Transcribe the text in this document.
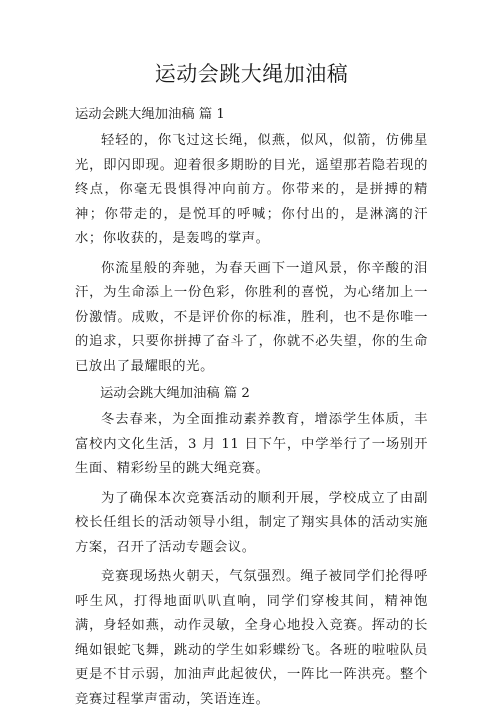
运动会跳大绳加油稿
运动会跳大绳加油稿 篇 1

轻轻的，你飞过这长绳，似燕，似风，似箭，仿佛星光，即闪即现。迎着很多期盼的目光，遥望那若隐若现的终点，你毫无畏惧得冲向前方。你带来的，是拼搏的精神；你带走的，是悦耳的呼喊；你付出的，是淋漓的汗水；你收获的，是轰鸣的掌声。

你流星般的奔驰，为春天画下一道风景，你辛酸的泪汗，为生命添上一份色彩，你胜利的喜悦，为心绪加上一份激情。成败，不是评价你的标准，胜利，也不是你唯一的追求，只要你拼搏了奋斗了，你就不必失望，你的生命已放出了最耀眼的光。

运动会跳大绳加油稿 篇 2

冬去春来，为全面推动素养教育，增添学生体质，丰富校内文化生活，3 月 11 日下午，中学举行了一场别开生面、精彩纷呈的跳大绳竞赛。

为了确保本次竞赛活动的顺利开展，学校成立了由副校长任组长的活动领导小组，制定了翔实具体的活动实施方案，召开了活动专题会议。

竞赛现场热火朝天，气氛强烈。绳子被同学们抡得呼呼生风，打得地面叭叭直响，同学们穿梭其间，精神饱满，身轻如燕，动作灵敏，全身心地投入竞赛。挥动的长绳如银蛇飞舞，跳动的学生如彩蝶纷飞。各班的啦啦队员更是不甘示弱，加油声此起彼伏，一阵比一阵洪亮。整个竞赛过程掌声雷动，笑语连连。
